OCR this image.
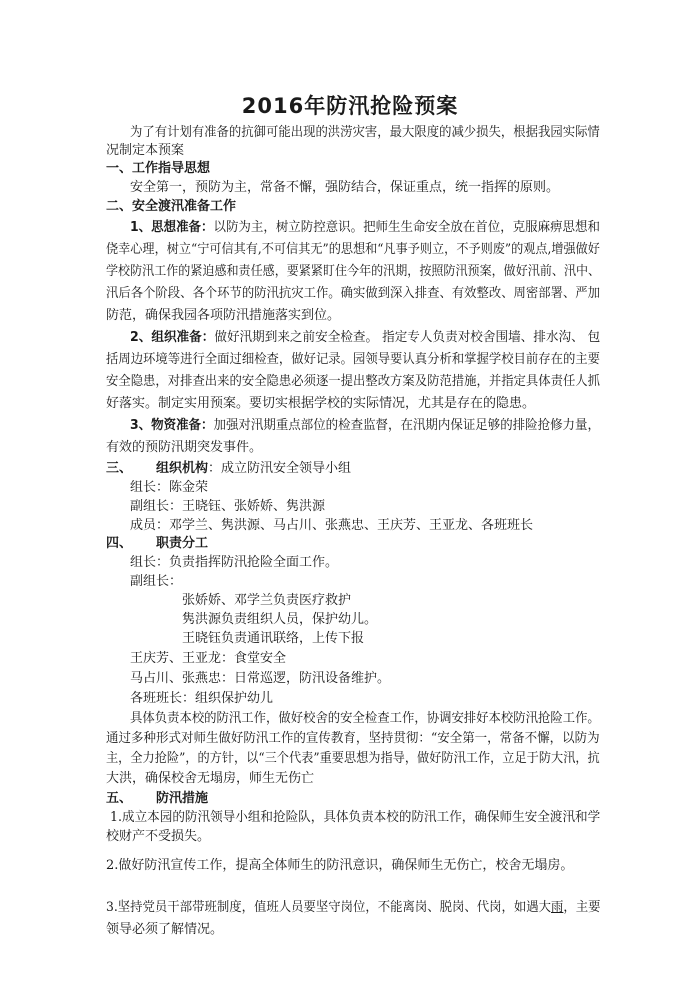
2016年防汛抢险预案
为了有计划有准备的抗御可能出现的洪涝灾害，最大限度的减少损失，根据我园实际情
况制定本预案
一、工作指导思想
安全第一，预防为主，常备不懈，强防结合，保证重点，统一指挥的原则。
二、安全渡汛准备工作
1、思想准备：以防为主，树立防控意识。把师生生命安全放在首位，克服麻痹思想和
侥幸心理，树立“宁可信其有,不可信其无”的思想和“凡事予则立，不予则废”的观点,增强做好
学校防汛工作的紧迫感和责任感，要紧紧盯住今年的汛期，按照防汛预案，做好汛前、汛中、
汛后各个阶段、各个环节的防汛抗灾工作。确实做到深入排查、有效整改、周密部署、严加
防范，确保我园各项防汛措施落实到位。
2、组织准备：做好汛期到来之前安全检查。 指定专人负责对校舍围墙、排水沟、 包
括周边环境等进行全面过细检查，做好记录。园领导要认真分析和掌握学校目前存在的主要
安全隐患，对排查出来的安全隐患必须逐一提出整改方案及防范措施，并指定具体责任人抓
好落实。制定实用预案。要切实根据学校的实际情况，尤其是存在的隐患。
3、物资准备：加强对汛期重点部位的检查监督，在汛期内保证足够的排险抢修力量，
有效的预防汛期突发事件。
三、 组织机构：成立防汛安全领导小组
组长：陈金荣
副组长：王晓钰、张娇娇、隽洪源
成员：邓学兰、隽洪源、马占川、张燕忠、王庆芳、王亚龙、各班班长
四、 职责分工
组长：负责指挥防汛抢险全面工作。
副组长：
张娇娇、邓学兰负责医疗救护
隽洪源负责组织人员，保护幼儿。
王晓钰负责通讯联络，上传下报
王庆芳、王亚龙：食堂安全
马占川、张燕忠：日常巡逻，防汛设备维护。
各班班长：组织保护幼儿
具体负责本校的防汛工作，做好校舍的安全检查工作，协调安排好本校防汛抢险工作。
通过多种形式对师生做好防汛工作的宣传教育，坚持贯彻：“安全第一，常备不懈，以防为
主，全力抢险”，的方针，以“三个代表”重要思想为指导，做好防汛工作，立足于防大汛，抗
大洪，确保校舍无塌房，师生无伤亡
五、 防汛措施
1.成立本园的防汛领导小组和抢险队，具体负责本校的防汛工作，确保师生安全渡汛和学
校财产不受损失。
2.做好防汛宣传工作，提高全体师生的防汛意识，确保师生无伤亡，校舍无塌房。
3.坚持党员干部带班制度，值班人员要坚守岗位，不能离岗、脱岗、代岗，如遇大雨，主要
领导必须了解情况。
